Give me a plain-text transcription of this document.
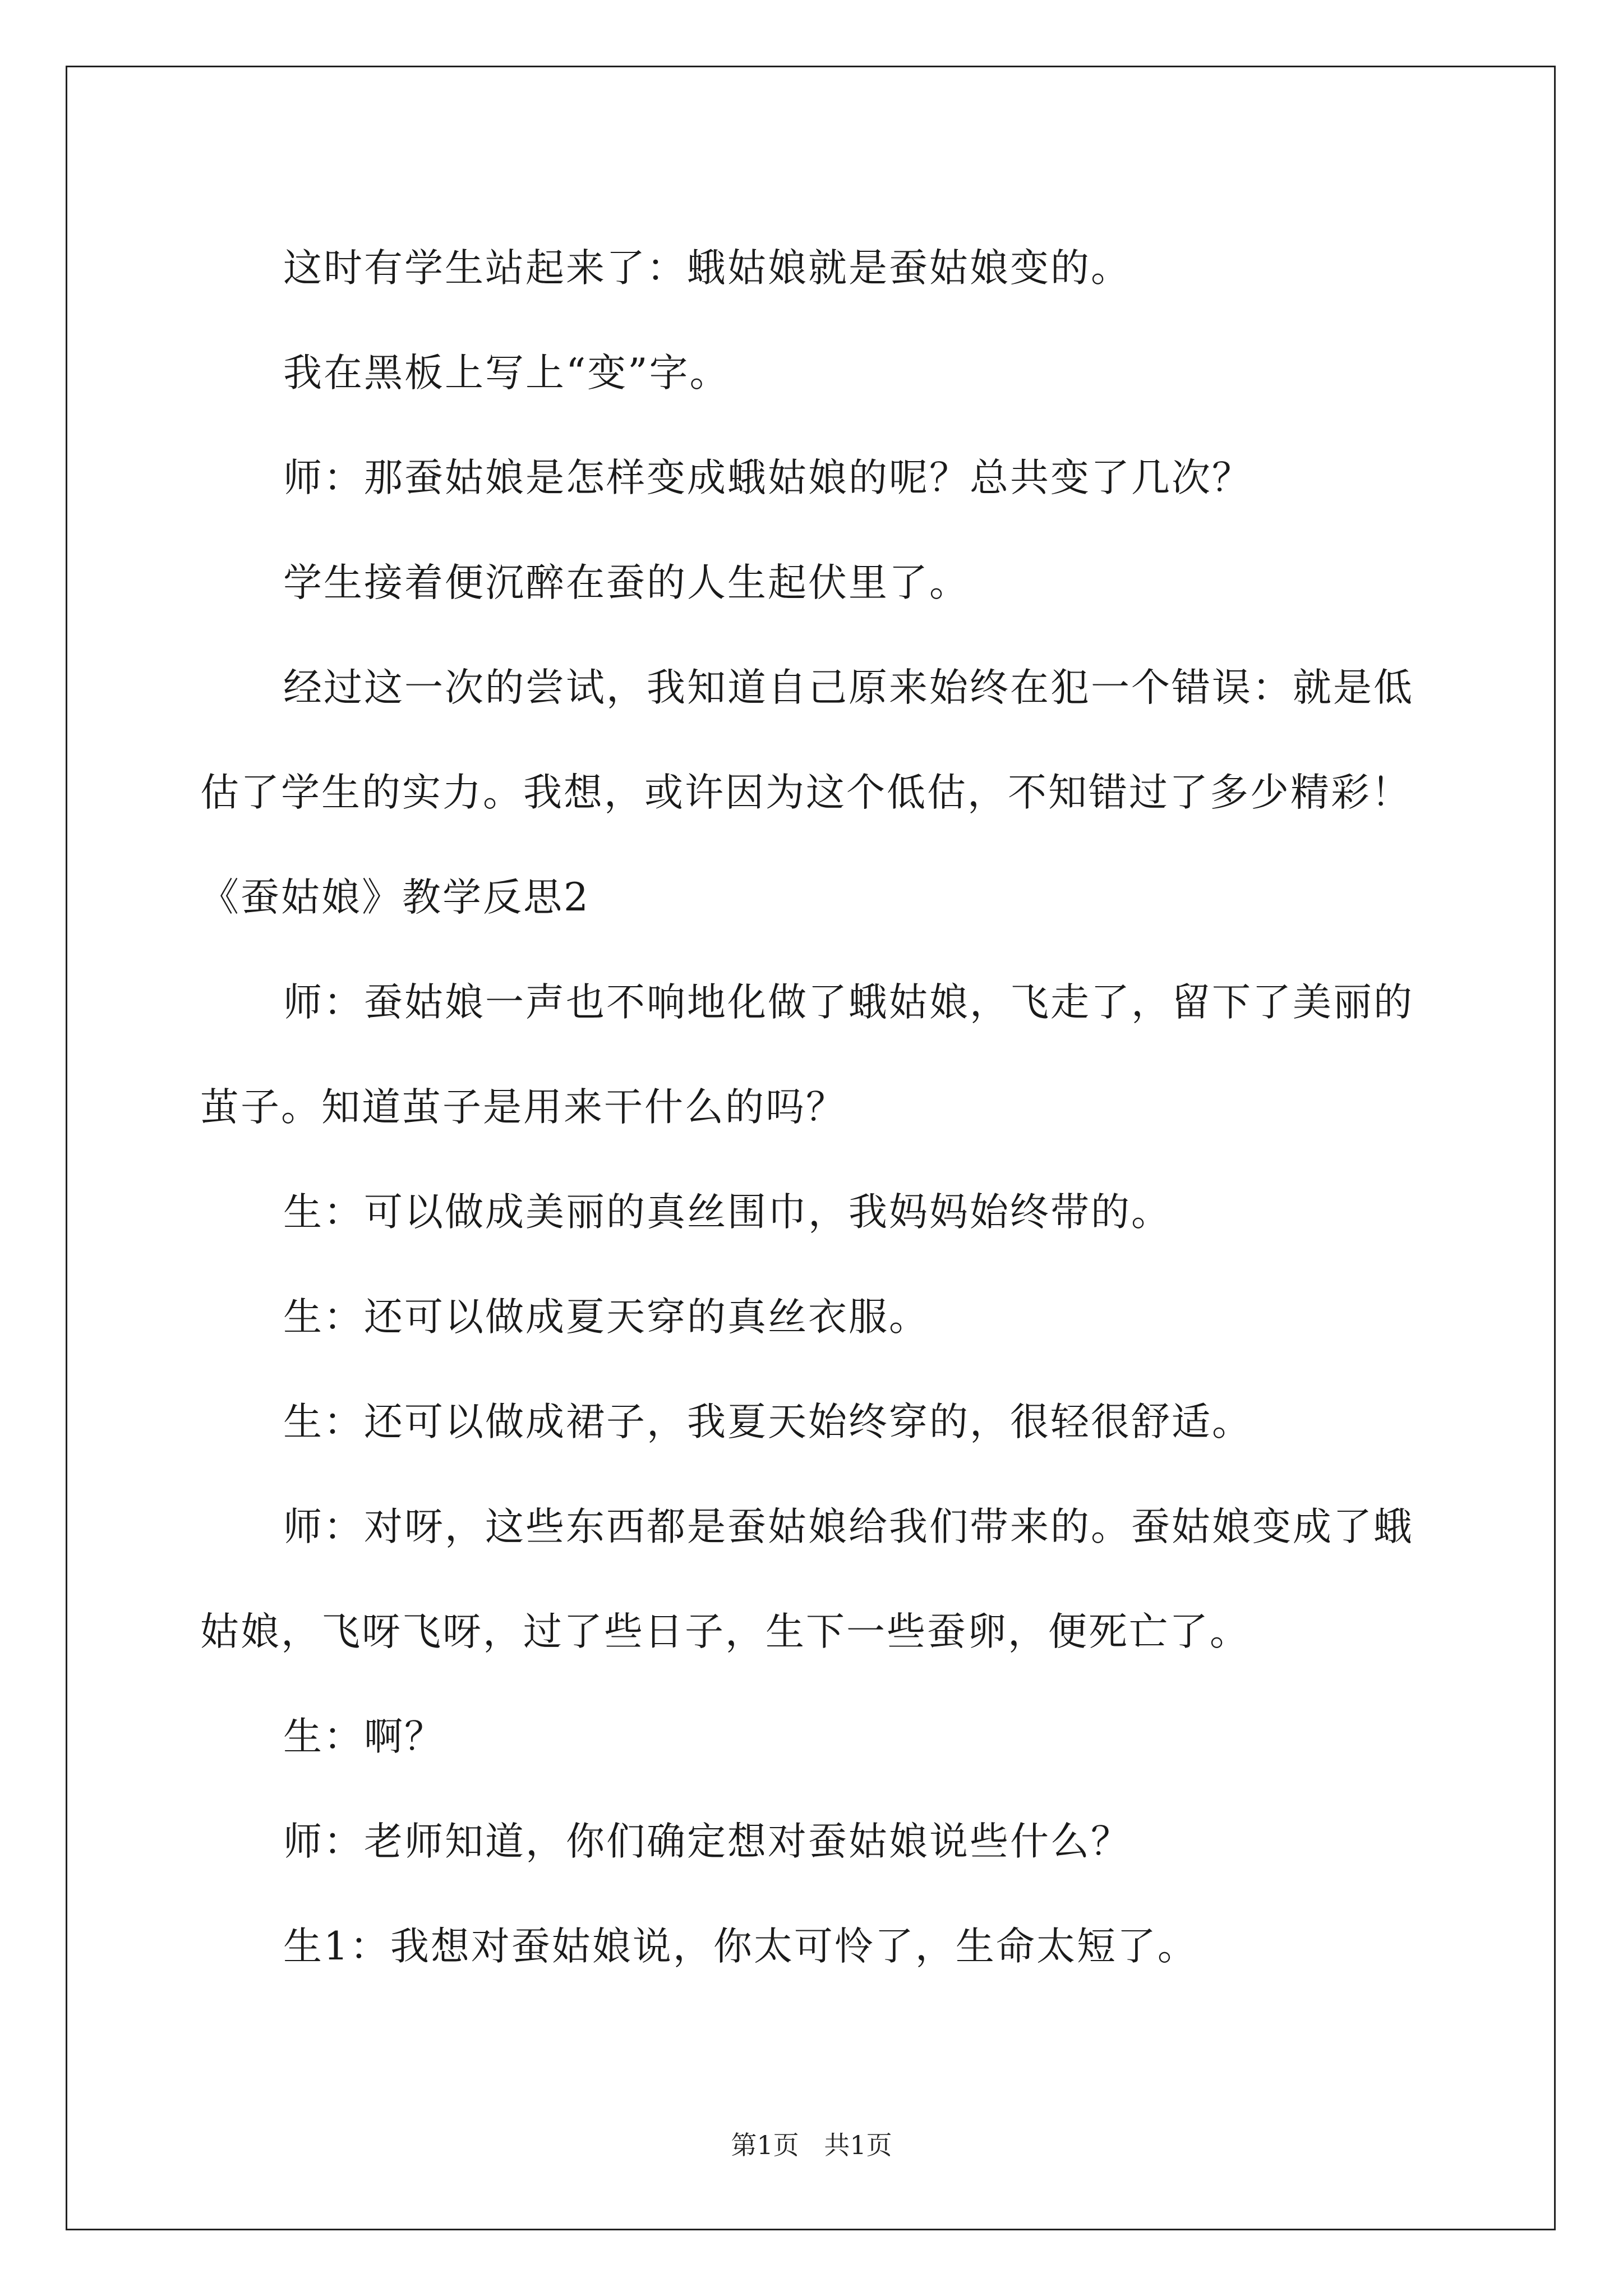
这时有学生站起来了：蛾姑娘就是蚕姑娘变的。

我在黑板上写上“变”字。

师：那蚕姑娘是怎样变成蛾姑娘的呢？总共变了几次？

学生接着便沉醉在蚕的人生起伏里了。

经过这一次的尝试，我知道自己原来始终在犯一个错误：就是低估了学生的实力。我想，或许因为这个低估，不知错过了多少精彩！

《蚕姑娘》教学反思2

师：蚕姑娘一声也不响地化做了蛾姑娘，飞走了，留下了美丽的茧子。知道茧子是用来干什么的吗？

生：可以做成美丽的真丝围巾，我妈妈始终带的。

生：还可以做成夏天穿的真丝衣服。

生：还可以做成裙子，我夏天始终穿的，很轻很舒适。

师：对呀，这些东西都是蚕姑娘给我们带来的。蚕姑娘变成了蛾姑娘，飞呀飞呀，过了些日子，生下一些蚕卵，便死亡了。

生：啊？

师：老师知道，你们确定想对蚕姑娘说些什么？

生1：我想对蚕姑娘说，你太可怜了，生命太短了。

第1页 共1页
